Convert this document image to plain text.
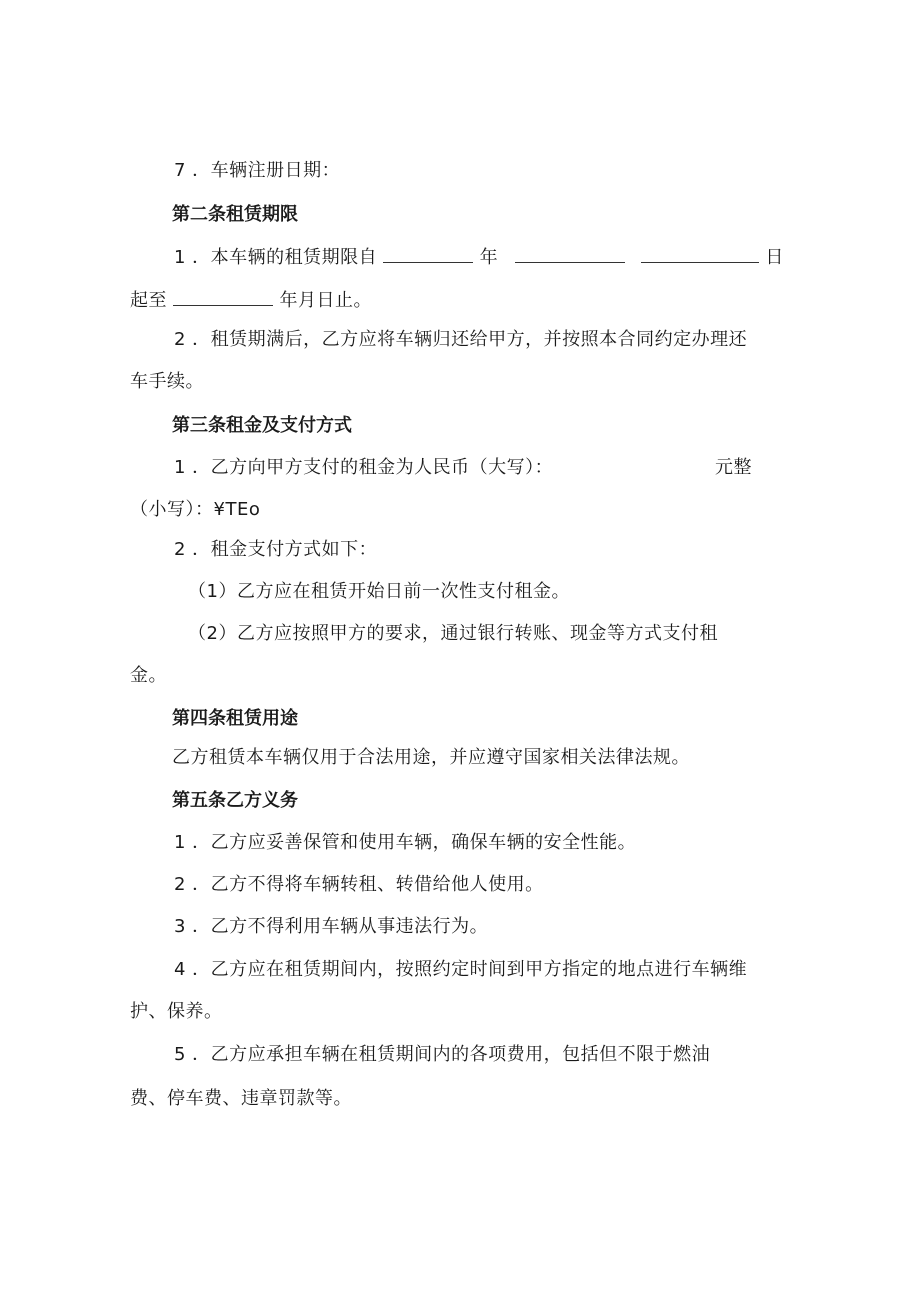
7 ．车辆注册日期：
第二条租赁期限
1 ．本车辆的租赁期限自	年	日
起至	年月日止。
2 ．租赁期满后，乙方应将车辆归还给甲方，并按照本合同约定办理还
车手续。
第三条租金及支付方式
1 ．乙方向甲方支付的租金为人民币（大写）：	元整
（小写）：¥TEo
2 ．租金支付方式如下：
（1）乙方应在租赁开始日前一次性支付租金。
（2）乙方应按照甲方的要求，通过银行转账、现金等方式支付租
金。
第四条租赁用途
乙方租赁本车辆仅用于合法用途，并应遵守国家相关法律法规。
第五条乙方义务
1 ．乙方应妥善保管和使用车辆，确保车辆的安全性能。
2 ．乙方不得将车辆转租、转借给他人使用。
3 ．乙方不得利用车辆从事违法行为。
4 ．乙方应在租赁期间内，按照约定时间到甲方指定的地点进行车辆维
护、保养。
5 ．乙方应承担车辆在租赁期间内的各项费用，包括但不限于燃油
费、停车费、违章罚款等。
